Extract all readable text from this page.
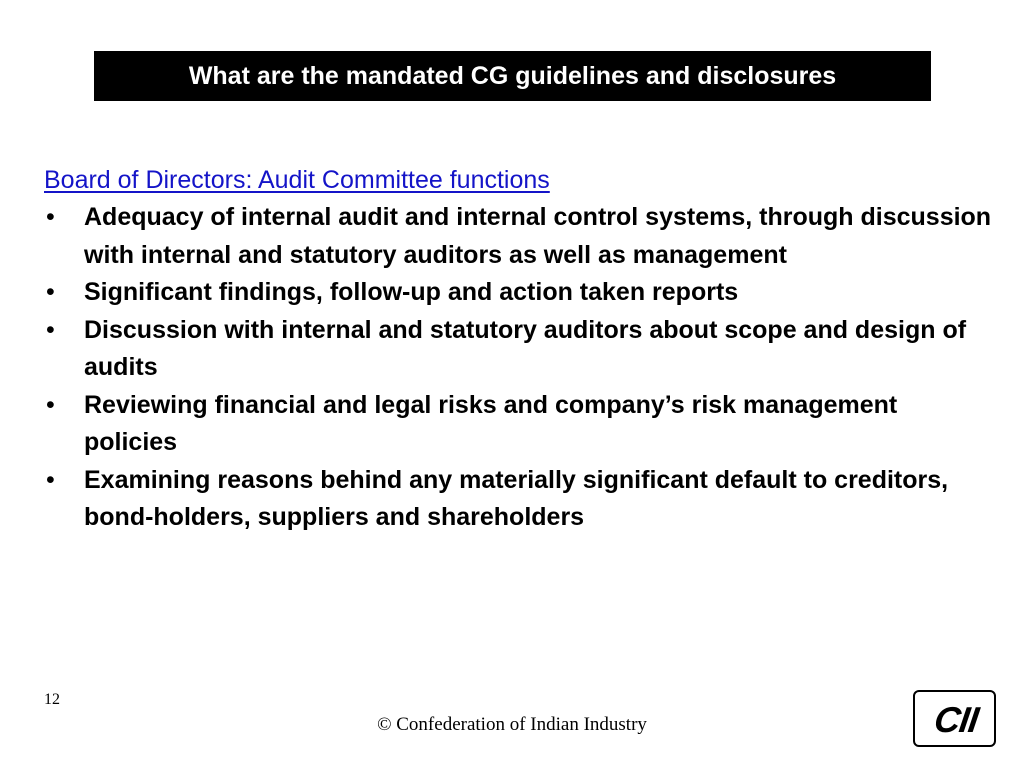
What are the mandated CG guidelines and disclosures

Board of Directors: Audit Committee functions

• Adequacy of internal audit and internal control systems, through discussion with internal and statutory auditors as well as management
• Significant findings, follow-up and action taken reports
• Discussion with internal and statutory auditors about scope and design of audits
• Reviewing financial and legal risks and company’s risk management policies
• Examining reasons behind any materially significant default to creditors, bond-holders, suppliers and shareholders
12
© Confederation of Indian Industry	CII
